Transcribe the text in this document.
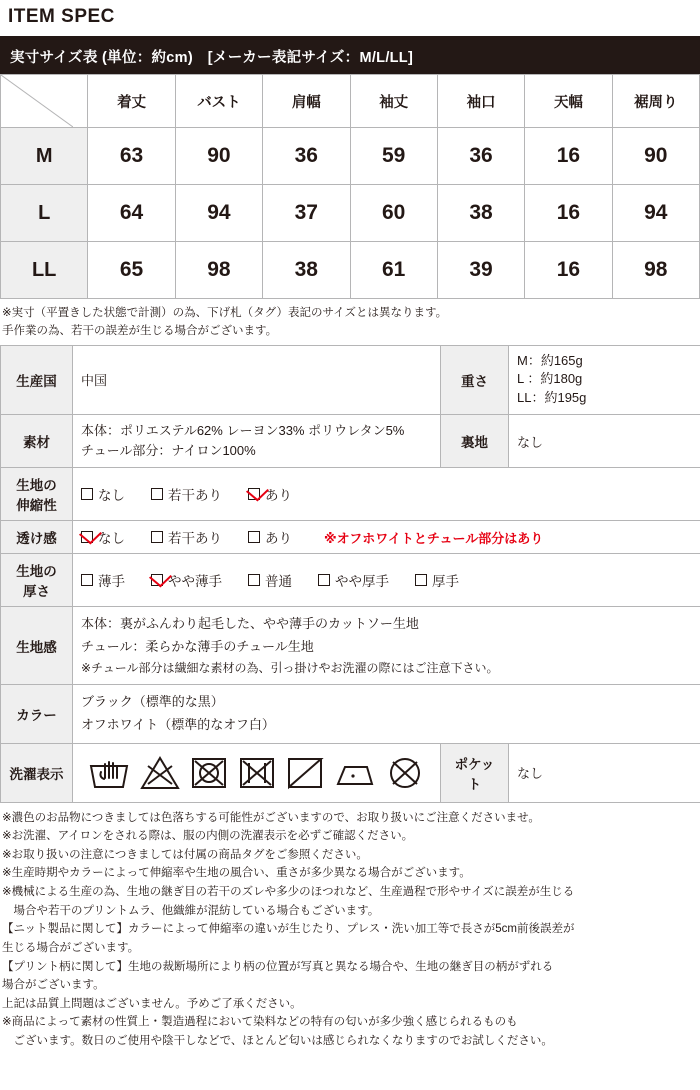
ITEM SPEC
実寸サイズ表 (単位：約cm)　[メーカー表記サイズ：M/L/LL]
	着丈	バスト	肩幅	袖丈	袖口	天幅	裾周り
M	63	90	36	59	36	16	90
L	64	94	37	60	38	16	94
LL	65	98	38	61	39	16	98
※実寸（平置きした状態で計測）の為、下げ札（タグ）表記のサイズとは異なります。
手作業の為、若干の誤差が生じる場合がございます。
生産国	中国	重さ	M：約165g
L ：約180g
LL：約195g

素材	本体：ポリエステル62% レーヨン33% ポリウレタン5%
チュール部分：ナイロン100%	裏地	なし

生地の
伸縮性

なし	若干あり	あり

透け感	なし 若干あり あり ※オフホワイトとチュール部分はあり		

生地の
厚さ

薄手	やや薄手	普通	やや厚手	厚手

生地感	本体：裏がふんわり起毛した、やや薄手のカットソー生地
チュール：柔らかな薄手のチュール生地
※チュール部分は繊細な素材の為、引っ掛けやお洗濯の際にはご注意下さい。		

カラー	ブラック（標準的な黒）
オフホワイト（標準的なオフ白）		

洗濯表示		ポケット	なし

※濃色のお品物につきましては色落ちする可能性がございますので、お取り扱いにご注意くださいませ。

※お洗濯、アイロンをされる際は、服の内側の洗濯表示を必ずご確認ください。

※お取り扱いの注意につきましては付属の商品タグをご参照ください。

※生産時期やカラーによって伸縮率や生地の風合い、重さが多少異なる場合がございます。

※機械による生産の為、生地の継ぎ目の若干のズレや多少のほつれなど、生産過程で形やサイズに誤差が生じる

　場合や若干のプリントムラ、他織維が混紡している場合もございます。

【ニット製品に関して】カラーによって伸縮率の違いが生じたり、プレス・洗い加工等で長さが5cm前後誤差が

生じる場合がございます。

【プリント柄に関して】生地の裁断場所により柄の位置が写真と異なる場合や、生地の継ぎ目の柄がずれる

場合がございます。

上記は品質上問題はございません。予めご了承ください。

※商品によって素材の性質上・製造過程において染料などの特有の匂いが多少強く感じられるものも

　ございます。数日のご使用や陰干しなどで、ほとんど匂いは感じられなくなりますのでお試しください。
